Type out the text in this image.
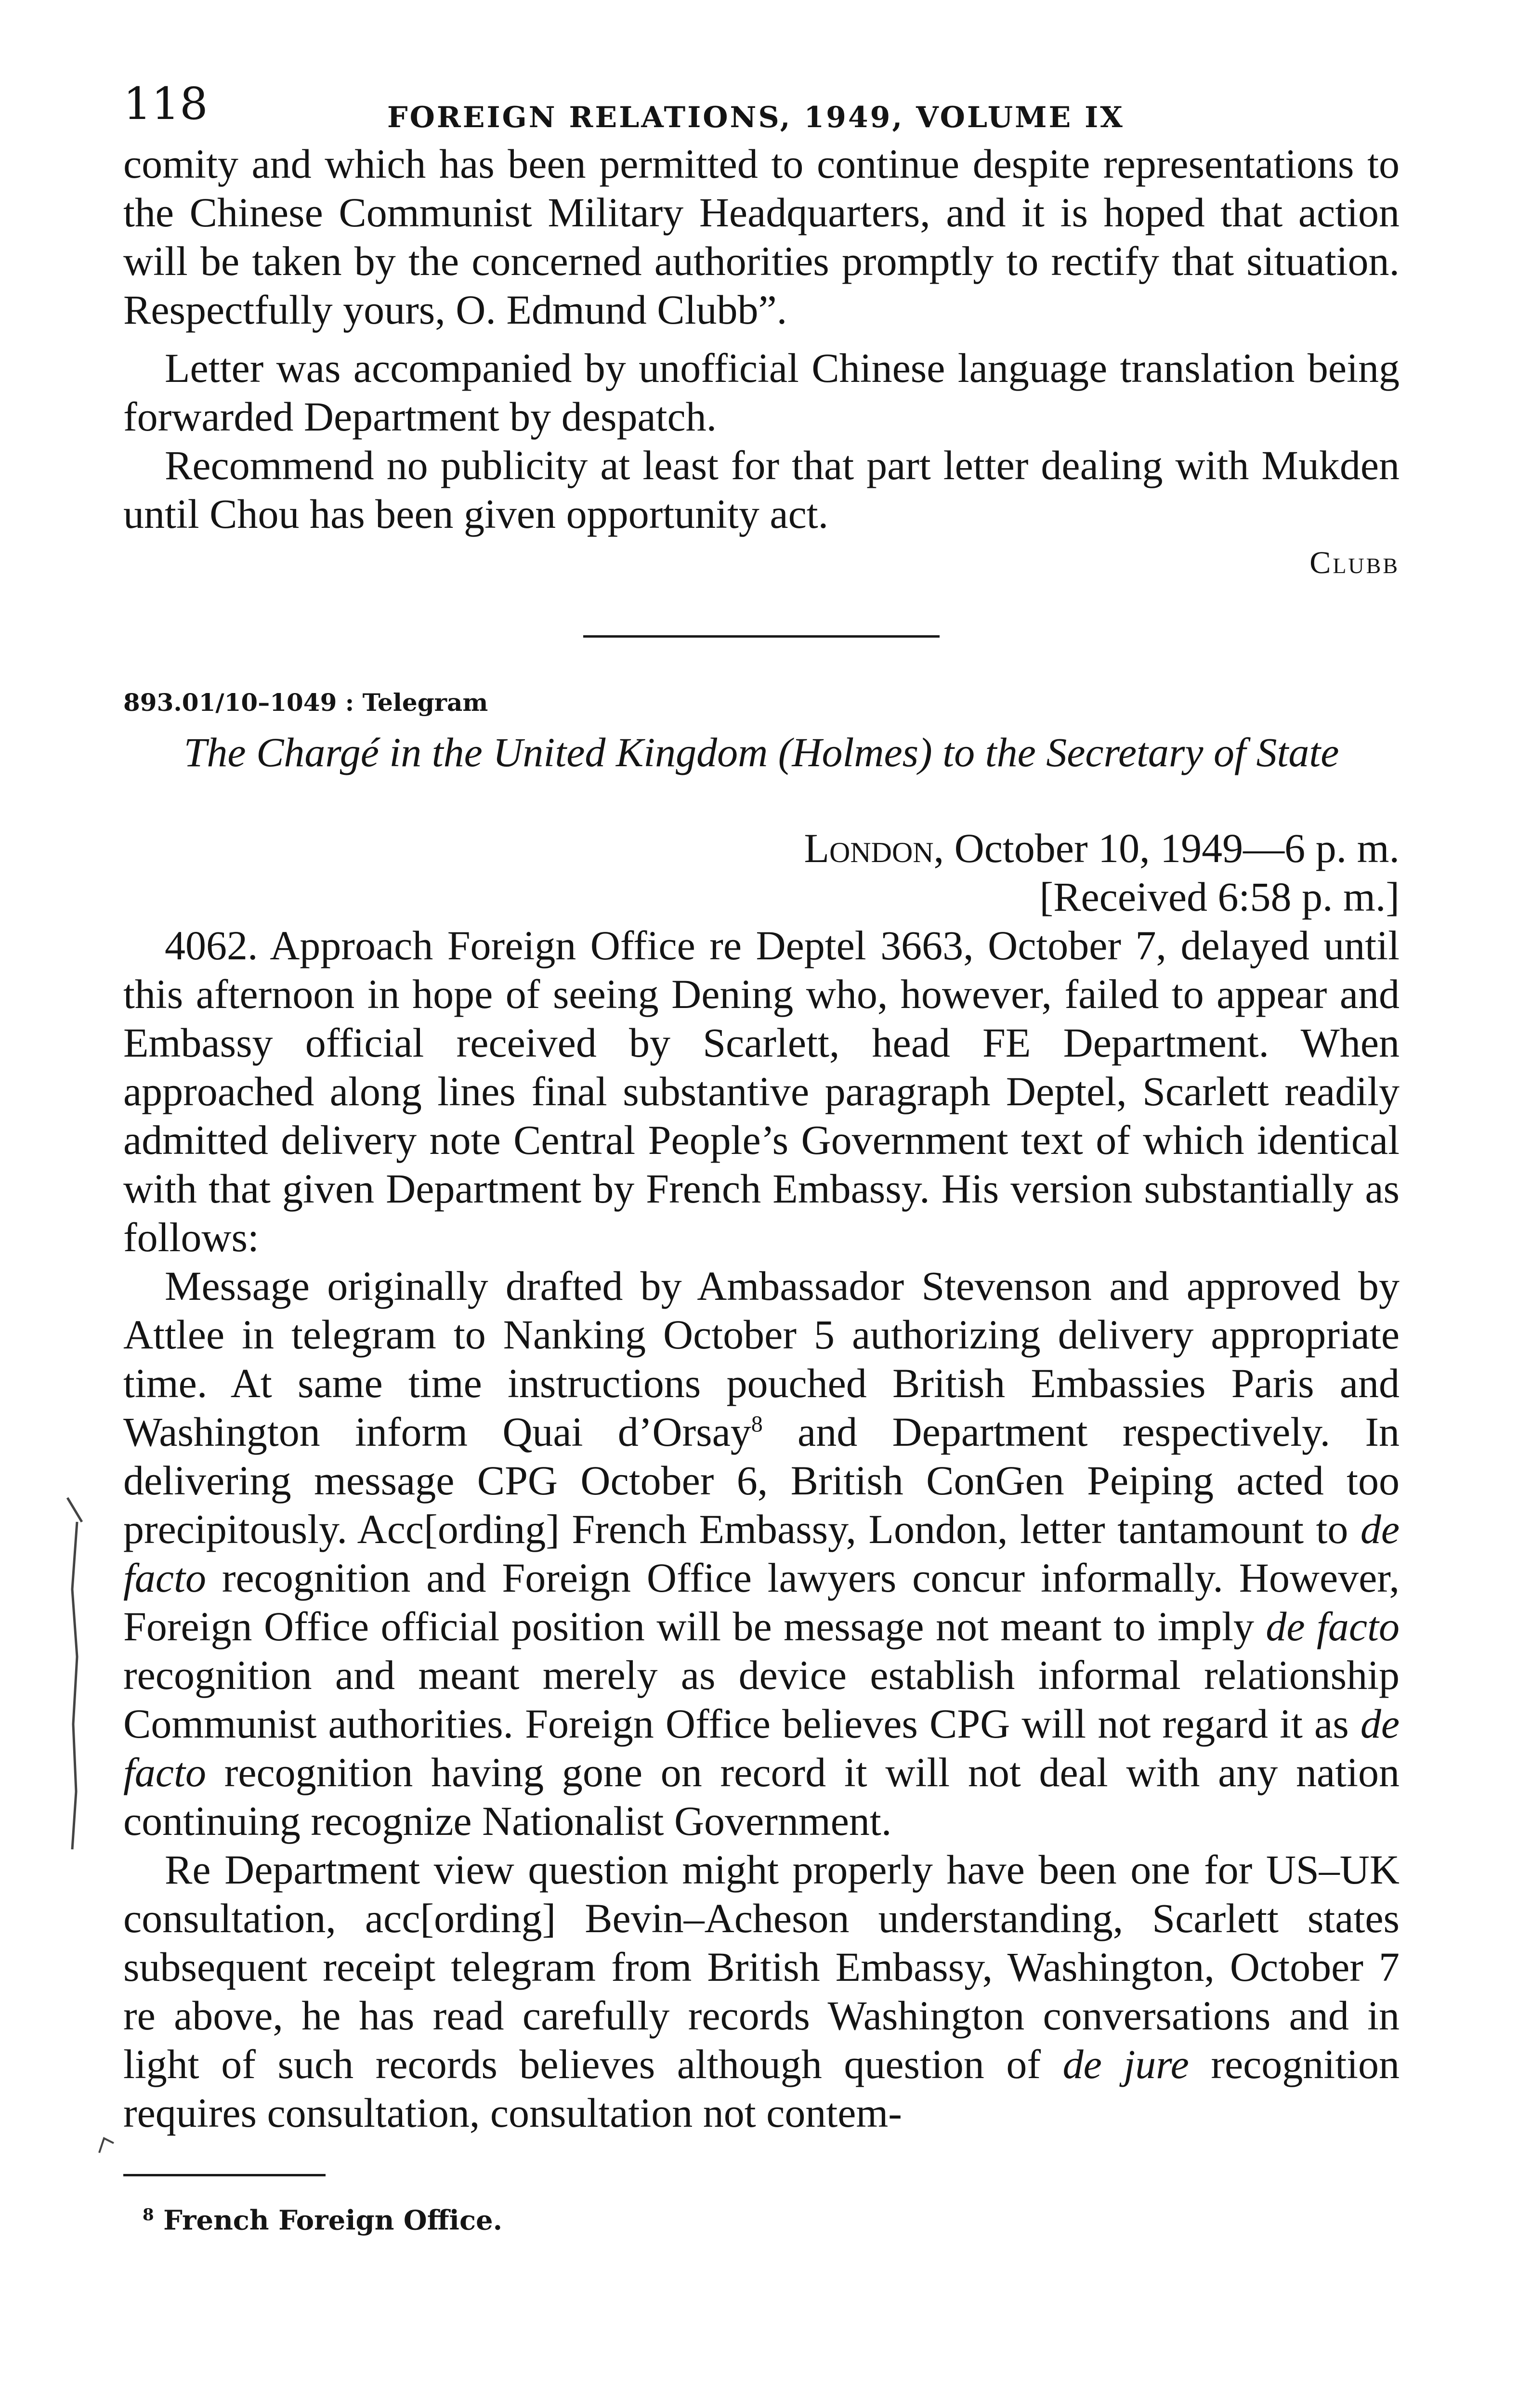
118	FOREIGN RELATIONS, 1949, VOLUME IX

comity and which has been permitted to continue despite representations to the Chinese Communist Military Headquarters, and it is hoped that action will be taken by the concerned authorities promptly to rectify that situation. Respectfully yours, O. Edmund Clubb”.

Letter was accompanied by unofficial Chinese language translation being forwarded Department by despatch.

Recommend no publicity at least for that part letter dealing with Mukden until Chou has been given opportunity act.

Clubb

893.01/10–1049 : Telegram

The Chargé in the United Kingdom (Holmes) to the Secretary of State

London, October 10, 1949—6 p. m.
[Received 6:58 p. m.]

4062. Approach Foreign Office re Deptel 3663, October 7, delayed until this afternoon in hope of seeing Dening who, however, failed to appear and Embassy official received by Scarlett, head FE Department. When approached along lines final substantive paragraph Deptel, Scarlett readily admitted delivery note Central People’s Government text of which identical with that given Department by French Embassy. His version substantially as follows:

Message originally drafted by Ambassador Stevenson and approved by Attlee in telegram to Nanking October 5 authorizing delivery appropriate time. At same time instructions pouched British Embassies Paris and Washington inform Quai d’Orsay$^8$ and Department respectively. In delivering message CPG October 6, British ConGen Peiping acted too precipitously. Acc[ording] French Embassy, London, letter tantamount to de facto recognition and Foreign Office lawyers concur informally. However, Foreign Office official position will be message not meant to imply de facto recognition and meant merely as device establish informal relationship Communist authorities. Foreign Office believes CPG will not regard it as de facto recognition having gone on record it will not deal with any nation continuing recognize Nationalist Government.

Re Department view question might properly have been one for US–UK consultation, acc[ording] Bevin–Acheson understanding, Scarlett states subsequent receipt telegram from British Embassy, Washington, October 7 re above, he has read carefully records Washington conversations and in light of such records believes although question of de jure recognition requires consultation, consultation not contem-

$^8$ French Foreign Office.
